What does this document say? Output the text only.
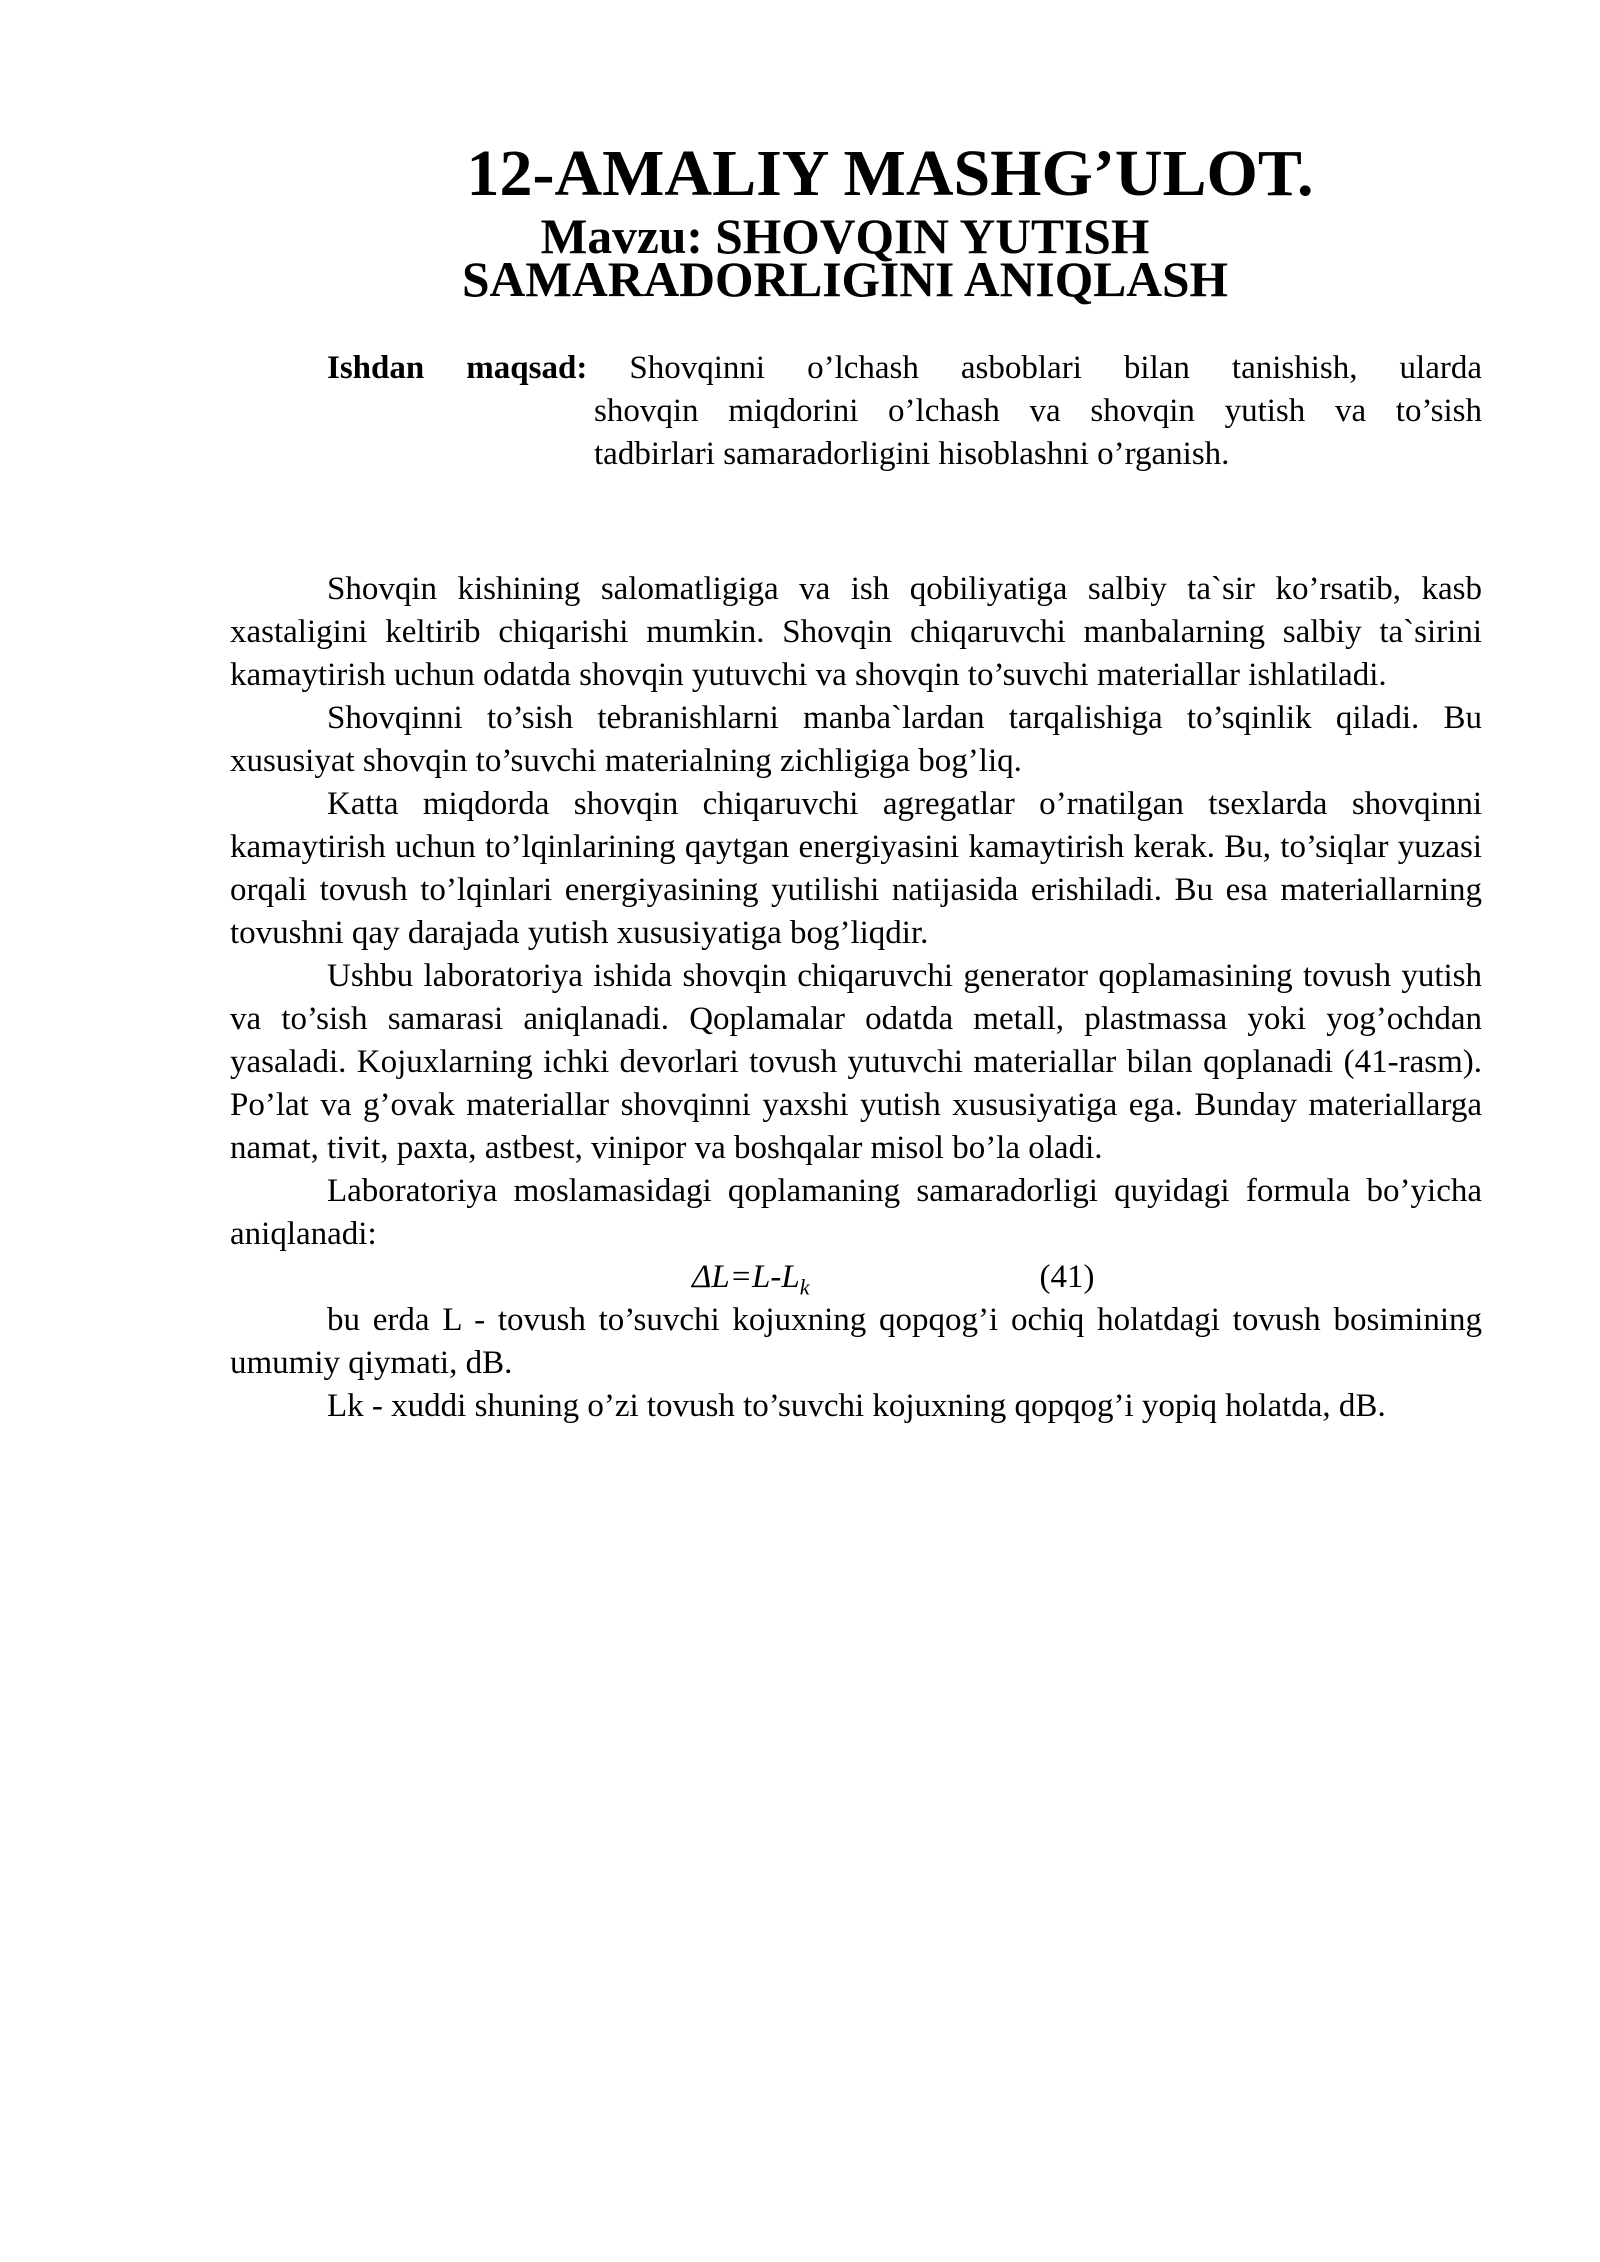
12-AMALIY MASHG’ULOT.
Mavzu: SHOVQIN YUTISH
SAMARADORLIGINI ANIQLASH
Ishdan maqsad: Shovqinni o’lchash asboblari bilan tanishish, ularda
shovqin miqdorini o’lchash va shovqin yutish va to’sish
tadbirlari samaradorligini hisoblashni o’rganish.

Shovqin kishining salomatligiga va ish qobiliyatiga salbiy ta`sir ko’rsatib, kasb xastaligini keltirib chiqarishi mumkin. Shovqin chiqaruvchi manbalarning salbiy ta`sirini kamaytirish uchun odatda shovqin yutuvchi va shovqin to’suvchi materiallar ishlatiladi.

Shovqinni to’sish tebranishlarni manba`lardan tarqalishiga to’sqinlik qiladi. Bu xususiyat shovqin to’suvchi materialning zichligiga bog’liq.

Katta miqdorda shovqin chiqaruvchi agregatlar o’rnatilgan tsexlarda shovqinni kamaytirish uchun to’lqinlarining qaytgan energiyasini kamaytirish kerak. Bu, to’siqlar yuzasi orqali tovush to’lqinlari energiyasining yutilishi natijasida erishiladi. Bu esa materiallarning tovushni qay darajada yutish xususiyatiga bog’liqdir.

Ushbu laboratoriya ishida shovqin chiqaruvchi generator qoplamasining tovush yutish va to’sish samarasi aniqlanadi. Qoplamalar odatda metall, plastmassa yoki yog’ochdan yasaladi. Kojuxlarning ichki devorlari tovush yutuvchi materiallar bilan qoplanadi (41-rasm). Po’lat va g’ovak materiallar shovqinni yaxshi yutish xususiyatiga ega. Bunday materiallarga namat, tivit, paxta, astbest, vinipor va boshqalar misol bo’la oladi.

Laboratoriya moslamasidagi qoplamaning samaradorligi quyidagi formula bo’yicha aniqlanadi:

$\Delta L=L-L_k$	(41)

bu erda L - tovush to’suvchi kojuxning qopqog’i ochiq holatdagi tovush bosimining umumiy qiymati, dB.

Lk - xuddi shuning o’zi tovush to’suvchi kojuxning qopqog’i yopiq holatda, dB.
